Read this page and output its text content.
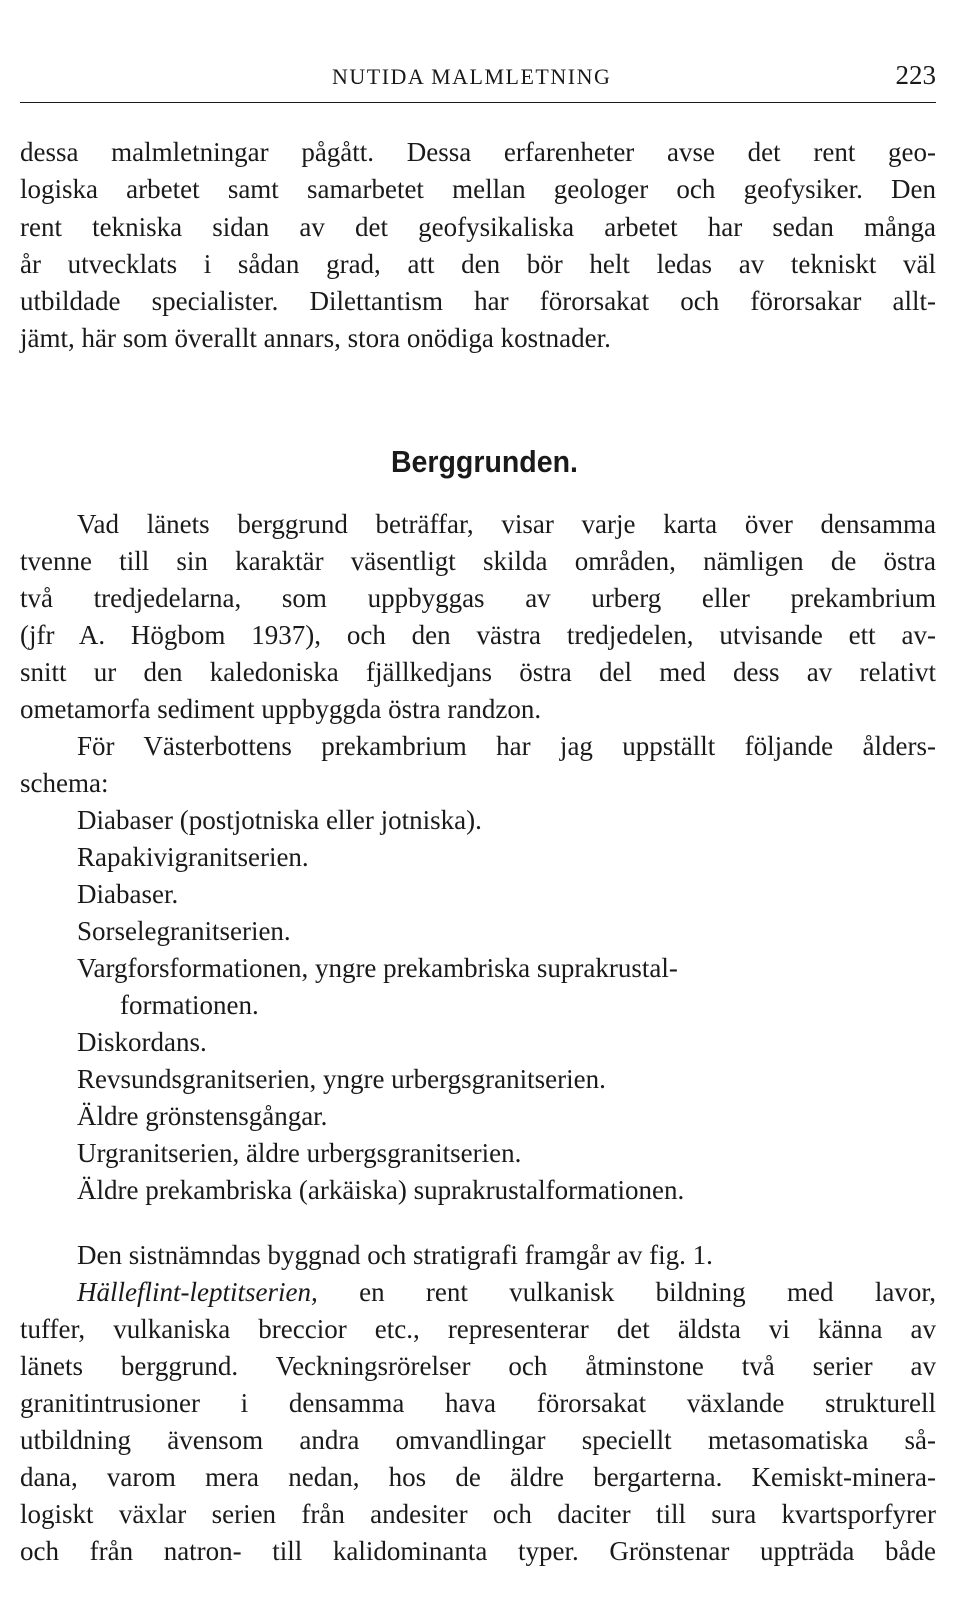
NUTIDA MALMLETNING	223
dessa malmletningar pågått. Dessa erfarenheter avse det rent geo-
logiska arbetet samt samarbetet mellan geologer och geofysiker. Den
rent tekniska sidan av det geofysikaliska arbetet har sedan många
år utvecklats i sådan grad, att den bör helt ledas av tekniskt väl
utbildade specialister. Dilettantism har förorsakat och förorsakar allt-
jämt, här som överallt annars, stora onödiga kostnader.
Berggrunden.
Vad länets berggrund beträffar, visar varje karta över densamma
tvenne till sin karaktär väsentligt skilda områden, nämligen de östra
två tredjedelarna, som uppbyggas av urberg eller prekambrium
(jfr A. Högbom 1937), och den västra tredjedelen, utvisande ett av-
snitt ur den kaledoniska fjällkedjans östra del med dess av relativt
ometamorfa sediment uppbyggda östra randzon.
För Västerbottens prekambrium har jag uppställt följande ålders-
schema:
Diabaser (postjotniska eller jotniska).
Rapakivigranitserien.
Diabaser.
Sorselegranitserien.
Vargforsformationen, yngre prekambriska suprakrustal-
formationen.
Diskordans.
Revsundsgranitserien, yngre urbergsgranitserien.
Äldre grönstensgångar.
Urgranitserien, äldre urbergsgranitserien.
Äldre prekambriska (arkäiska) suprakrustalformationen.
Den sistnämndas byggnad och stratigrafi framgår av fig. 1.
Hälleflint-leptitserien, en rent vulkanisk bildning med lavor,
tuffer, vulkaniska breccior etc., representerar det äldsta vi känna av
länets berggrund. Veckningsrörelser och åtminstone två serier av
granitintrusioner i densamma hava förorsakat växlande strukturell
utbildning ävensom andra omvandlingar speciellt metasomatiska så-
dana, varom mera nedan, hos de äldre bergarterna. Kemiskt-minera-
logiskt växlar serien från andesiter och daciter till sura kvartsporfyrer
och från natron- till kalidominanta typer. Grönstenar uppträda både
